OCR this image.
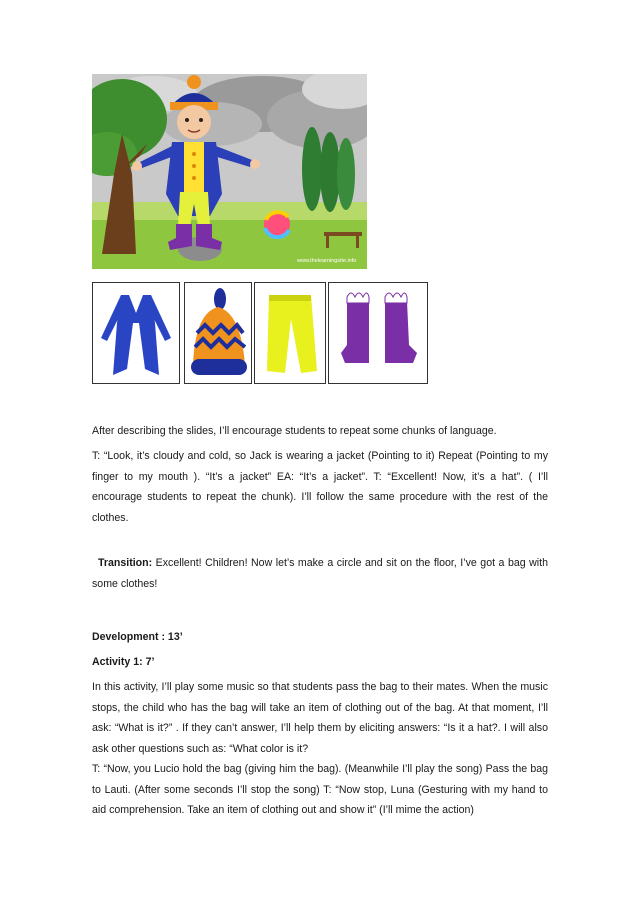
www.thelearningsite.info

After describing the slides, I’ll encourage students to repeat some chunks of language.

T: “Look, it’s cloudy and cold, so Jack is wearing a jacket (Pointing to it) Repeat (Pointing to my finger to my mouth ). “It’s a jacket” EA: “It’s a jacket”. T: “Excellent! Now, it’s a hat”. ( I’ll encourage students to repeat the chunk). I’ll follow the same procedure with the rest of the clothes.

Transition: Excellent! Children! Now let’s make a circle and sit on the floor, I’ve got a bag with some clothes!

Development : 13’

Activity 1: 7’

In this activity, I’ll play some music so that students pass the bag to their mates. When the music stops, the child who has the bag will take an item of clothing out of the bag. At that moment, I’ll ask: “What is it?” . If they can’t answer, I’ll help them by eliciting answers: “Is it a hat?. I will also ask other questions such as: “What color is it?

T: “Now, you Lucio hold the bag (giving him the bag). (Meanwhile I’ll play the song) Pass the bag to Lauti. (After some seconds I’ll stop the song) T: “Now stop, Luna (Gesturing with my hand to aid comprehension. Take an item of clothing out and show it” (I’ll mime the action)
